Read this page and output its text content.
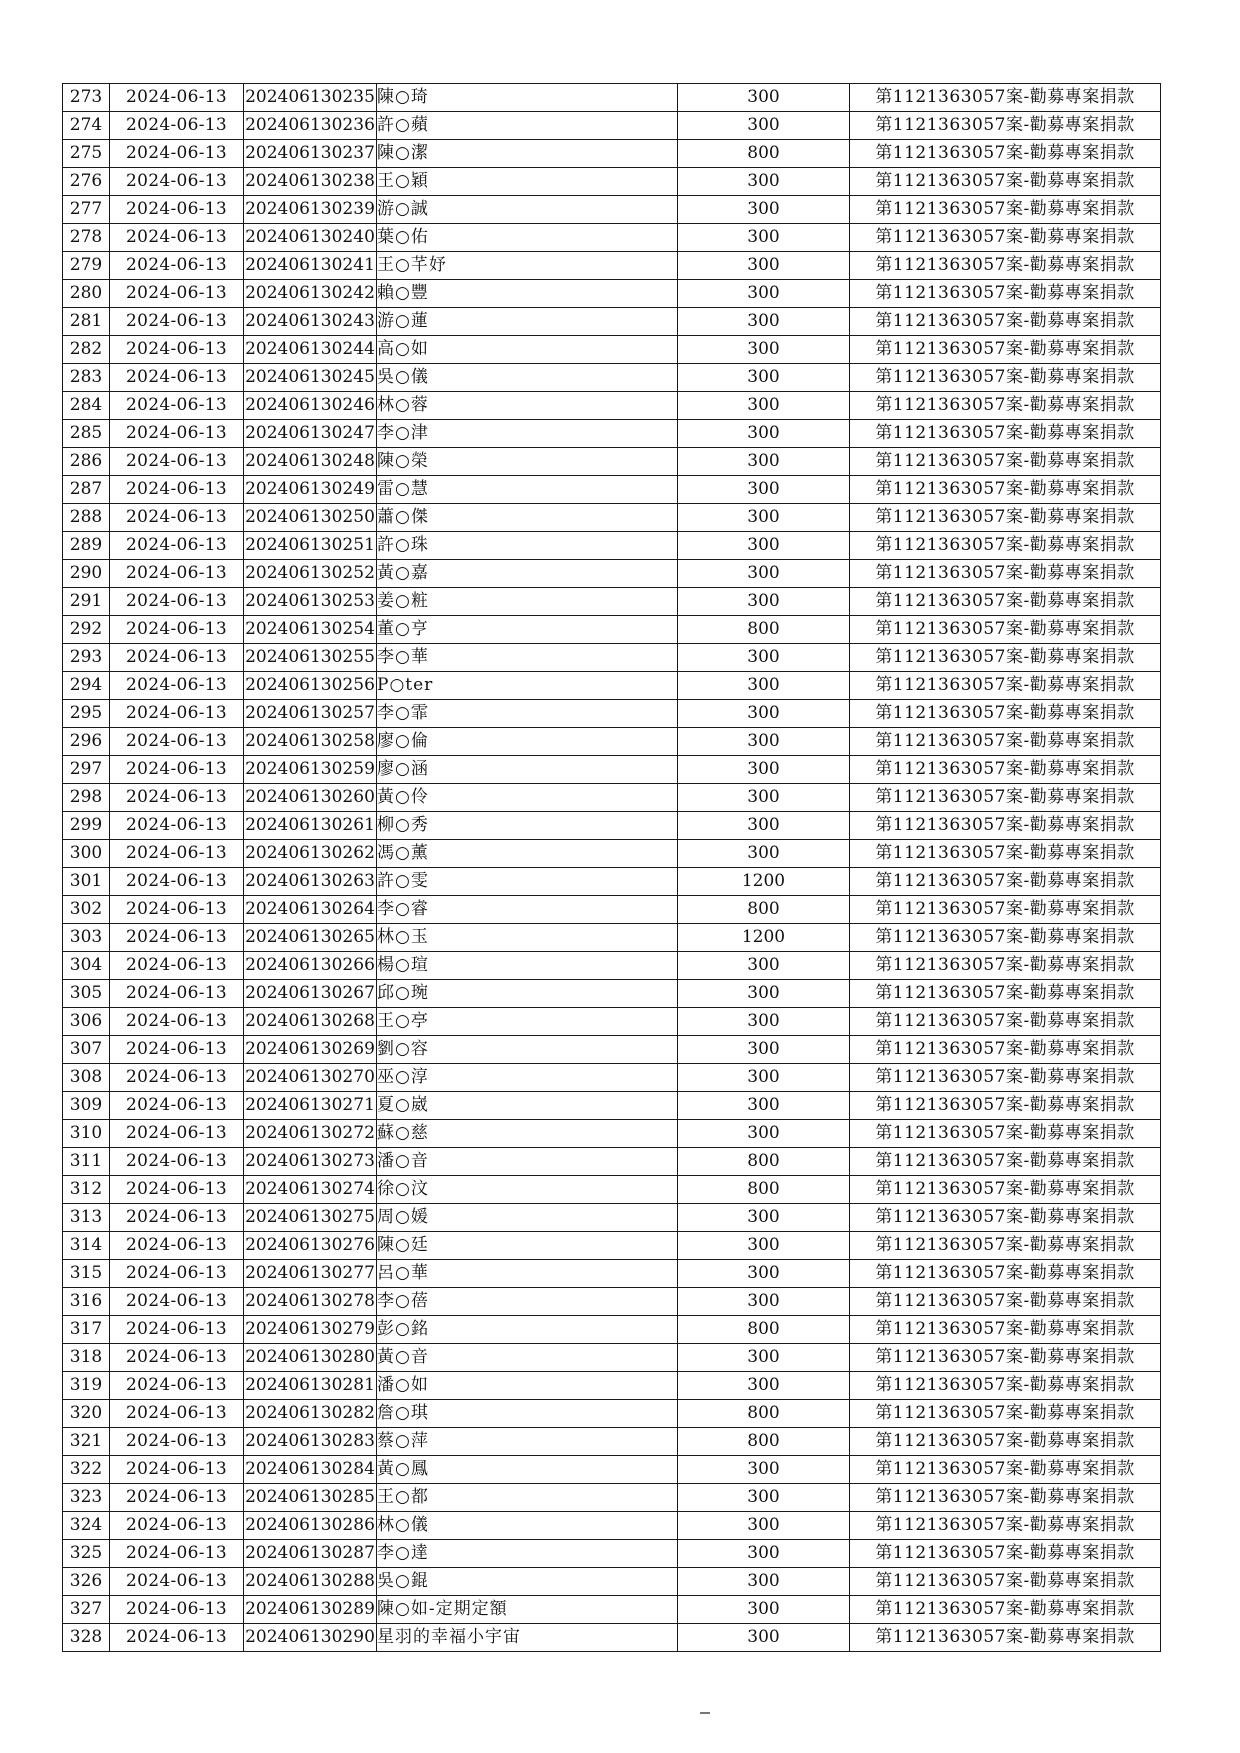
273	2024-06-13	202406130235	陳○琦	300	第1121363057案-勸募專案捐款
274	2024-06-13	202406130236	許○蘋	300	第1121363057案-勸募專案捐款
275	2024-06-13	202406130237	陳○潔	800	第1121363057案-勸募專案捐款
276	2024-06-13	202406130238	王○穎	300	第1121363057案-勸募專案捐款
277	2024-06-13	202406130239	游○誠	300	第1121363057案-勸募專案捐款
278	2024-06-13	202406130240	葉○佑	300	第1121363057案-勸募專案捐款
279	2024-06-13	202406130241	王○芊妤	300	第1121363057案-勸募專案捐款
280	2024-06-13	202406130242	賴○豐	300	第1121363057案-勸募專案捐款
281	2024-06-13	202406130243	游○蓮	300	第1121363057案-勸募專案捐款
282	2024-06-13	202406130244	高○如	300	第1121363057案-勸募專案捐款
283	2024-06-13	202406130245	吳○儀	300	第1121363057案-勸募專案捐款
284	2024-06-13	202406130246	林○蓉	300	第1121363057案-勸募專案捐款
285	2024-06-13	202406130247	李○津	300	第1121363057案-勸募專案捐款
286	2024-06-13	202406130248	陳○榮	300	第1121363057案-勸募專案捐款
287	2024-06-13	202406130249	雷○慧	300	第1121363057案-勸募專案捐款
288	2024-06-13	202406130250	蕭○傑	300	第1121363057案-勸募專案捐款
289	2024-06-13	202406130251	許○珠	300	第1121363057案-勸募專案捐款
290	2024-06-13	202406130252	黃○嘉	300	第1121363057案-勸募專案捐款
291	2024-06-13	202406130253	姜○粧	300	第1121363057案-勸募專案捐款
292	2024-06-13	202406130254	董○亨	800	第1121363057案-勸募專案捐款
293	2024-06-13	202406130255	李○華	300	第1121363057案-勸募專案捐款
294	2024-06-13	202406130256	P○ter	300	第1121363057案-勸募專案捐款
295	2024-06-13	202406130257	李○霏	300	第1121363057案-勸募專案捐款
296	2024-06-13	202406130258	廖○倫	300	第1121363057案-勸募專案捐款
297	2024-06-13	202406130259	廖○涵	300	第1121363057案-勸募專案捐款
298	2024-06-13	202406130260	黃○伶	300	第1121363057案-勸募專案捐款
299	2024-06-13	202406130261	柳○秀	300	第1121363057案-勸募專案捐款
300	2024-06-13	202406130262	馮○薰	300	第1121363057案-勸募專案捐款
301	2024-06-13	202406130263	許○雯	1200	第1121363057案-勸募專案捐款
302	2024-06-13	202406130264	李○睿	800	第1121363057案-勸募專案捐款
303	2024-06-13	202406130265	林○玉	1200	第1121363057案-勸募專案捐款
304	2024-06-13	202406130266	楊○瑄	300	第1121363057案-勸募專案捐款
305	2024-06-13	202406130267	邱○琬	300	第1121363057案-勸募專案捐款
306	2024-06-13	202406130268	王○亭	300	第1121363057案-勸募專案捐款
307	2024-06-13	202406130269	劉○容	300	第1121363057案-勸募專案捐款
308	2024-06-13	202406130270	巫○淳	300	第1121363057案-勸募專案捐款
309	2024-06-13	202406130271	夏○崴	300	第1121363057案-勸募專案捐款
310	2024-06-13	202406130272	蘇○慈	300	第1121363057案-勸募專案捐款
311	2024-06-13	202406130273	潘○音	800	第1121363057案-勸募專案捐款
312	2024-06-13	202406130274	徐○汶	800	第1121363057案-勸募專案捐款
313	2024-06-13	202406130275	周○媛	300	第1121363057案-勸募專案捐款
314	2024-06-13	202406130276	陳○廷	300	第1121363057案-勸募專案捐款
315	2024-06-13	202406130277	呂○華	300	第1121363057案-勸募專案捐款
316	2024-06-13	202406130278	李○蓓	300	第1121363057案-勸募專案捐款
317	2024-06-13	202406130279	彭○銘	800	第1121363057案-勸募專案捐款
318	2024-06-13	202406130280	黃○音	300	第1121363057案-勸募專案捐款
319	2024-06-13	202406130281	潘○如	300	第1121363057案-勸募專案捐款
320	2024-06-13	202406130282	詹○琪	800	第1121363057案-勸募專案捐款
321	2024-06-13	202406130283	蔡○萍	800	第1121363057案-勸募專案捐款
322	2024-06-13	202406130284	黃○鳳	300	第1121363057案-勸募專案捐款
323	2024-06-13	202406130285	王○都	300	第1121363057案-勸募專案捐款
324	2024-06-13	202406130286	林○儀	300	第1121363057案-勸募專案捐款
325	2024-06-13	202406130287	李○達	300	第1121363057案-勸募專案捐款
326	2024-06-13	202406130288	吳○錕	300	第1121363057案-勸募專案捐款
327	2024-06-13	202406130289	陳○如-定期定額	300	第1121363057案-勸募專案捐款
328	2024-06-13	202406130290	星羽的幸福小宇宙	300	第1121363057案-勸募專案捐款
